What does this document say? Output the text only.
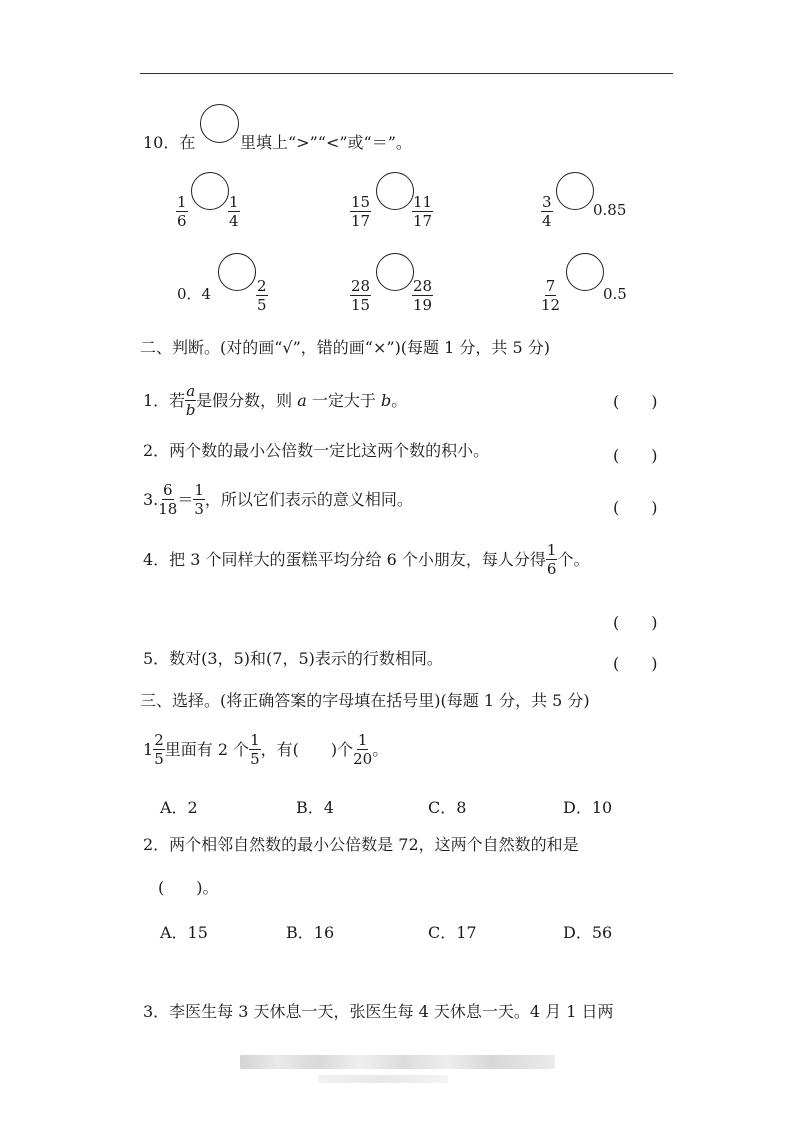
10．在	里填上“>”“<”或“＝”。
$\frac{1}{6}$	$\frac{1}{4}$	$\frac{15}{17}$	$\frac{11}{17}$	$\frac{3}{4}$	0.85
0．4	$\frac{2}{5}$	$\frac{28}{15}$	$\frac{28}{19}$	$\frac{7}{12}$	0.5
二、判断。(对的画“√”，错的画“×”)(每题 1 分，共 5 分)
1．若 $\frac{a}{b}$ 是假分数，则 a 一定大于 b 。	(　　)
2．两个数的最小公倍数一定比这两个数的积小。	(　　)
3. $\frac{6}{18} = \frac{1}{3}$ ，所以它们表示的意义相同。	(　　)
4．把 3 个同样大的蛋糕平均分给 6 个小朋友，每人分得 $\frac{1}{6}$ 个。
(　　)
5．数对(3，5)和(7，5)表示的行数相同。	(　　)
三、选择。(将正确答案的字母填在括号里)(每题 1 分，共 5 分)
$1 \frac{2}{5}$ 里面有 2 个 $\frac{1}{5}$ ，有(　　)个 $\frac{1}{20}$ 。
A．2	B．4	C．8	D．10
2．两个相邻自然数的最小公倍数是 72，这两个自然数的和是
(　　)。
A．15	B．16	C．17	D．56
3．李医生每 3 天休息一天，张医生每 4 天休息一天。4 月 1 日两
